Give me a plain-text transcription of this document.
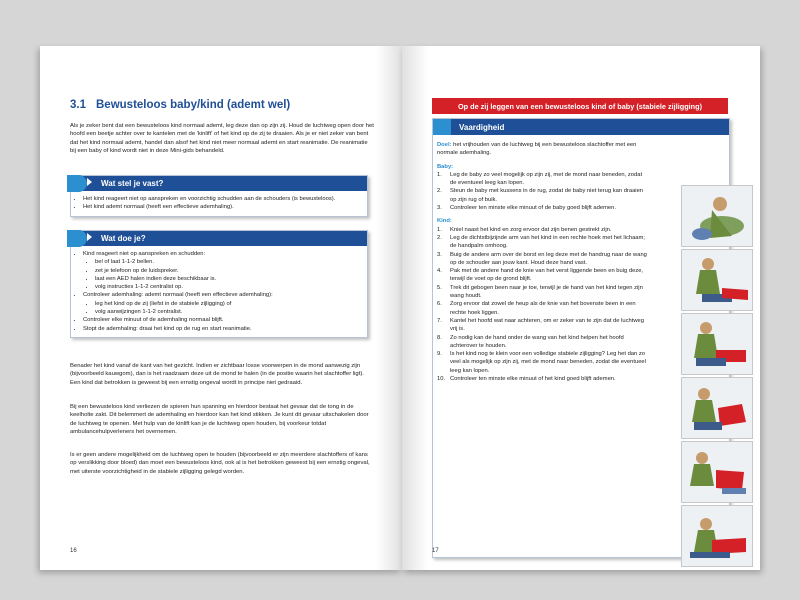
3.1 Bewusteloos baby/kind (ademt wel)

Als je zeker bent dat een bewusteloos kind normaal ademt, leg deze dan op zijn zij. Houd de luchtweg open door het hoofd een beetje achter over te kantelen met de 'kinlift' of het kind op de zij te draaien. Als je er niet zeker van bent dat het kind normaal ademt, handel dan alsof het kind niet meer normaal ademt en start reanimatie. De reanimatie bij een baby of kind wordt niet in deze Mini-gids behandeld.

Wat stel je vast?
• Het kind reageert niet op aanspreken en voorzichtig schudden aan de schouders (is bewusteloos).
• Het kind ademt normaal (heeft een effectieve ademhaling).
Wat doe je?
• Kind reageert niet op aanspreken en schudden:
• bel of laat 1-1-2 bellen.
• zet je telefoon op de luidspreker.
• laat een AED halen indien deze beschikbaar is.
• volg instructies 1-1-2 centralist op.
• Controleer ademhaling: ademt normaal (heeft een effectieve ademhaling):
• leg het kind op de zij (liefst in de stabiele zijligging) of
• volg aanwijzingen 1-1-2 centralist.
• Controleer elke minuut of de ademhaling normaal blijft.
• Stopt de ademhaling: draai het kind op de rug en start reanimatie.

Benader het kind vanaf de kant van het gezicht. Indien er zichtbaar losse voorwerpen in de mond aanwezig zijn (bijvoorbeeld kauwgom), dan is het raadzaam deze uit de mond te halen (in de positie waarin het slachtoffer ligt). Een kind dat betrokken is geweest bij een ernstig ongeval wordt in principe niet gedraaid.

Bij een bewusteloos kind verliezen de spieren hun spanning en hierdoor bestaat het gevaar dat de tong in de keelholte zakt. Dit belemmert de ademhaling en hierdoor kan het kind stikken. Je kunt dit gevaar uitschakelen door de luchtweg te openen. Met hulp van de kinlift kan je de luchtweg open houden, bij voorkeur totdat ambulancehulpverleners het overnemen.

Is er geen andere mogelijkheid om de luchtweg open te houden (bijvoorbeeld er zijn meerdere slachtoffers of kans op verslikking door bloed) dan moet een bewusteloos kind, ook al is het betrokken geweest bij een ernstig ongeval, met uiterste voorzichtigheid in de stabiele zijligging gelegd worden.

16
Op de zij leggen van een bewusteloos kind of baby (stabiele zijligging)
Vaardigheid
Doel: het vrijhouden van de luchtweg bij een bewusteloos slachtoffer met een normale ademhaling.
Baby:
1.	Leg de baby zo veel mogelijk op zijn zij, met de mond naar beneden, zodat de eventueel leeg kan lopen.
2.	Steun de baby met kussens in de rug, zodat de baby niet terug kan draaien op zijn rug of buik.
3.	Controleer ten minste elke minuut of de baby goed blijft ademen.
Kind:
1.	Kniel naast het kind en zorg ervoor dat zijn benen gestrekt zijn.
2.	Leg de dichtstbijzijnde arm van het kind in een rechte hoek met het lichaam; de handpalm omhoog.
3.	Buig de andere arm over de borst en leg deze met de handrug naar de wang op de schouder aan jouw kant. Houd deze hand vast.
4.	Pak met de andere hand de knie van het verst liggende been en buig deze, terwijl de voet op de grond blijft.
5.	Trek dit gebogen been naar je toe, terwijl je de hand van het kind tegen zijn wang houdt.
6.	Zorg ervoor dat zowel de heup als de knie van het bovenste been in een rechte hoek liggen.
7.	Kantel het hoofd wat naar achteren, om er zeker van te zijn dat de luchtweg vrij is.
8.	Zo nodig kan de hand onder de wang van het kind helpen het hoofd achterover te houden.
9.	Is het kind nog te klein voor een volledige stabiele zijligging? Leg het dan zo veel als mogelijk op zijn zij, met de mond naar beneden, zodat die eventueel leeg kan lopen.
10. Controleer ten minste elke minuut of het kind goed blijft ademen.
17
